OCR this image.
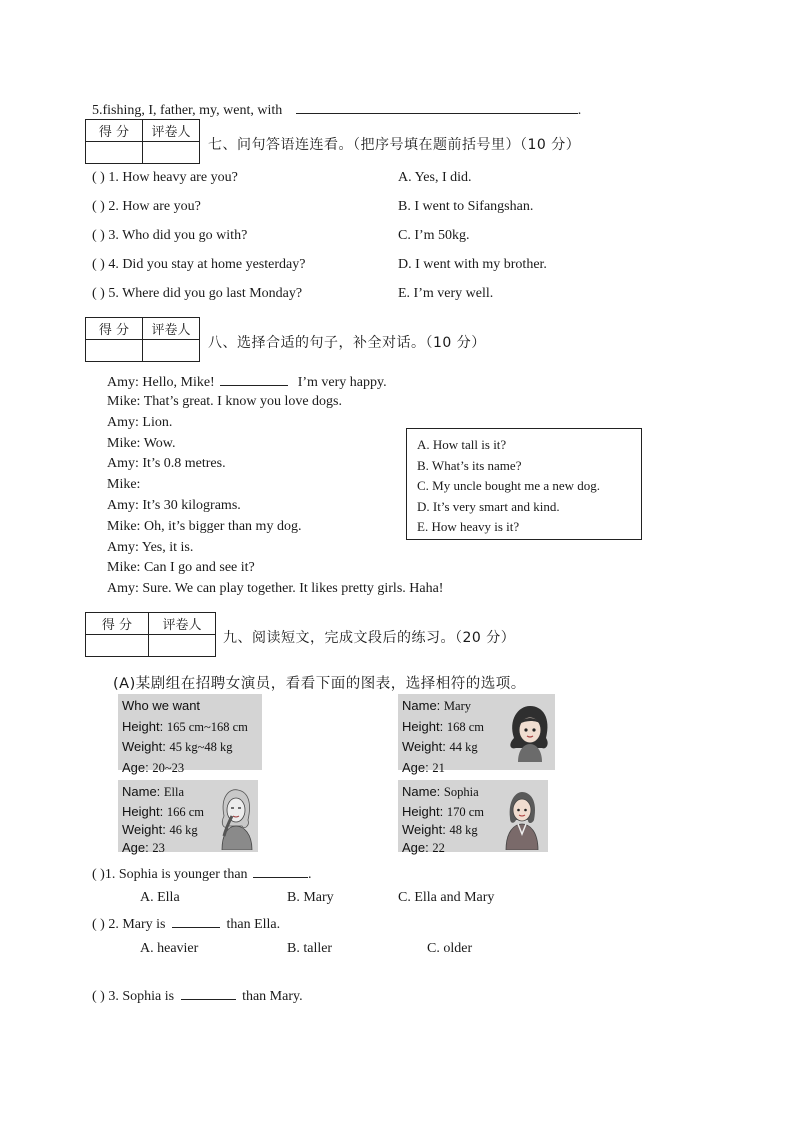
5.fishing, I, father, my, went, with	.
得 分	评卷人

七、问句答语连连看。（把序号填在题前括号里）（10 分）
( ) 1. How heavy are you?
( ) 2. How are you?
( ) 3. Who did you go with?
( ) 4. Did you stay at home yesterday?
( ) 5. Where did you go last Monday?
A. Yes, I did.
B. I went to Sifangshan.
C. I’m 50kg.
D. I went with my brother.
E. I’m very well.
得 分	评卷人

八、选择合适的句子，补全对话。（10 分）
Amy: Hello, Mike!	I’m very happy.
Mike: That’s great. I know you love dogs.
Amy: Lion.
Mike: Wow.
Amy: It’s 0.8 metres.
Mike:
Amy: It’s 30 kilograms.
Mike: Oh, it’s bigger than my dog.
Amy: Yes, it is.
Mike: Can I go and see it?
Amy: Sure. We can play together. It likes pretty girls. Haha!
A. How tall is it?
B. What’s its name?
C. My uncle bought me a new dog.
D. It’s very smart and kind.
E. How heavy is it?
得 分	评卷人

九、阅读短文，完成文段后的练习。（20 分）
(A)某剧组在招聘女演员，看看下面的图表，选择相符的选项。
Who we want
Height: 165 cm~168 cm
Weight: 45 kg~48 kg
Age: 20~23
Name: Mary
Height: 168 cm
Weight: 44 kg
Age: 21
Name: Ella
Height: 166 cm
Weight: 46 kg
Age: 23
Name: Sophia
Height: 170 cm
Weight: 48 kg
Age: 22
( )1. Sophia is younger than	.
A. Ella	B. Mary	C. Ella and Mary
( ) 2. Mary is	than Ella.
A. heavier	B. taller	C. older
( ) 3. Sophia is	than Mary.
